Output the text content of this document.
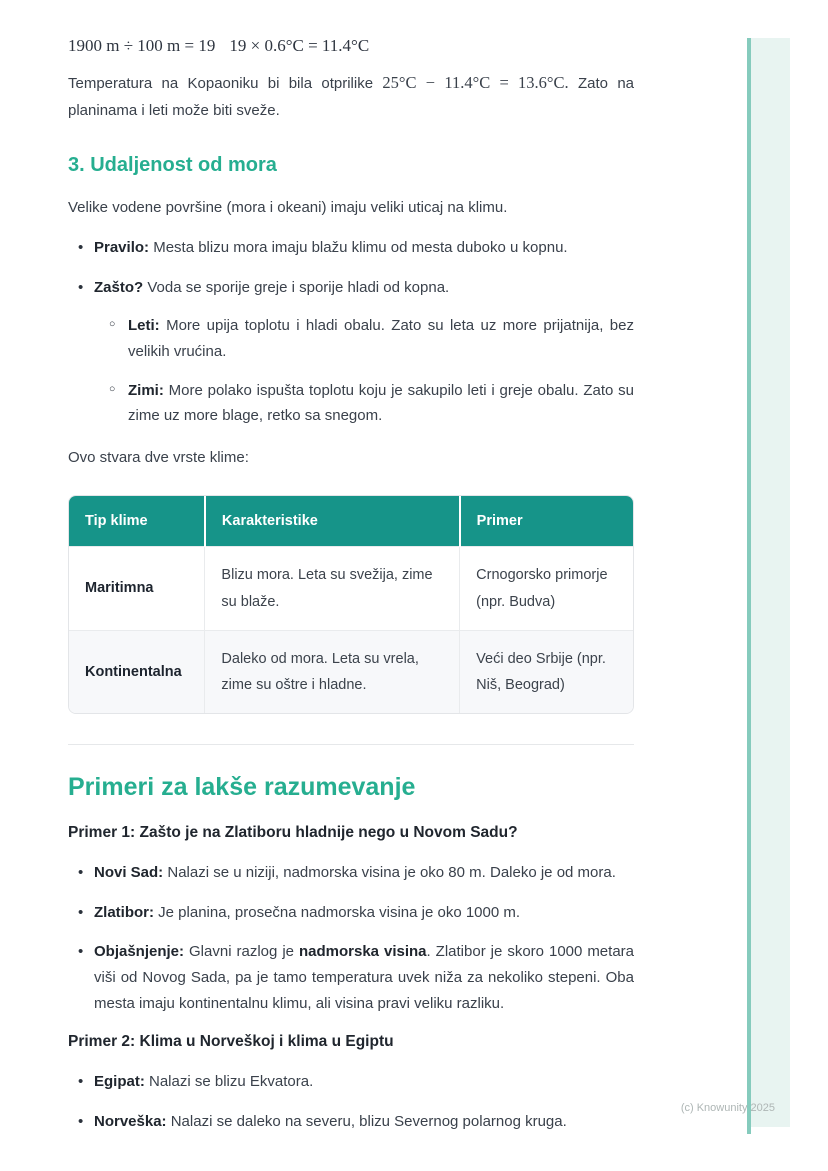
1900 m ÷ 100 m = 19 19 × 0.6°C = 11.4°C

Temperatura na Kopaoniku bi bila otprilike 25°C − 11.4°C = 13.6°C. Zato na planinama i leti može biti sveže.

3. Udaljenost od mora

Velike vodene površine (mora i okeani) imaju veliki uticaj na klimu.

• Pravilo: Mesta blizu mora imaju blažu klimu od mesta duboko u kopnu.
• Zašto? Voda se sporije greje i sporije hladi od kopna.
○ Leti: More upija toplotu i hladi obalu. Zato su leta uz more prijatnija, bez velikih vrućina.
○ Zimi: More polako ispušta toplotu koju je sakupilo leti i greje obalu. Zato su zime uz more blage, retko sa snegom.

Ovo stvara dve vrste klime:

Tip klime	Karakteristike	Primer
Maritimna	Blizu mora. Leta su svežija, zime su blaže.	Crnogorsko primorje (npr. Budva)
Kontinentalna	Daleko od mora. Leta su vrela, zime su oštre i hladne.	Veći deo Srbije (npr. Niš, Beograd)
Primeri za lakše razumevanje
Primer 1: Zašto je na Zlatiboru hladnije nego u Novom Sadu?
• Novi Sad: Nalazi se u niziji, nadmorska visina je oko 80 m. Daleko je od mora.
• Zlatibor: Je planina, prosečna nadmorska visina je oko 1000 m.
• Objašnjenje: Glavni razlog je nadmorska visina. Zlatibor je skoro 1000 metara viši od Novog Sada, pa je tamo temperatura uvek niža za nekoliko stepeni. Oba mesta imaju kontinentalnu klimu, ali visina pravi veliku razliku.
Primer 2: Klima u Norveškoj i klima u Egiptu
• Egipat: Nalazi se blizu Ekvatora.
• Norveška: Nalazi se daleko na severu, blizu Severnog polarnog kruga.
(c) Knowunity 2025
